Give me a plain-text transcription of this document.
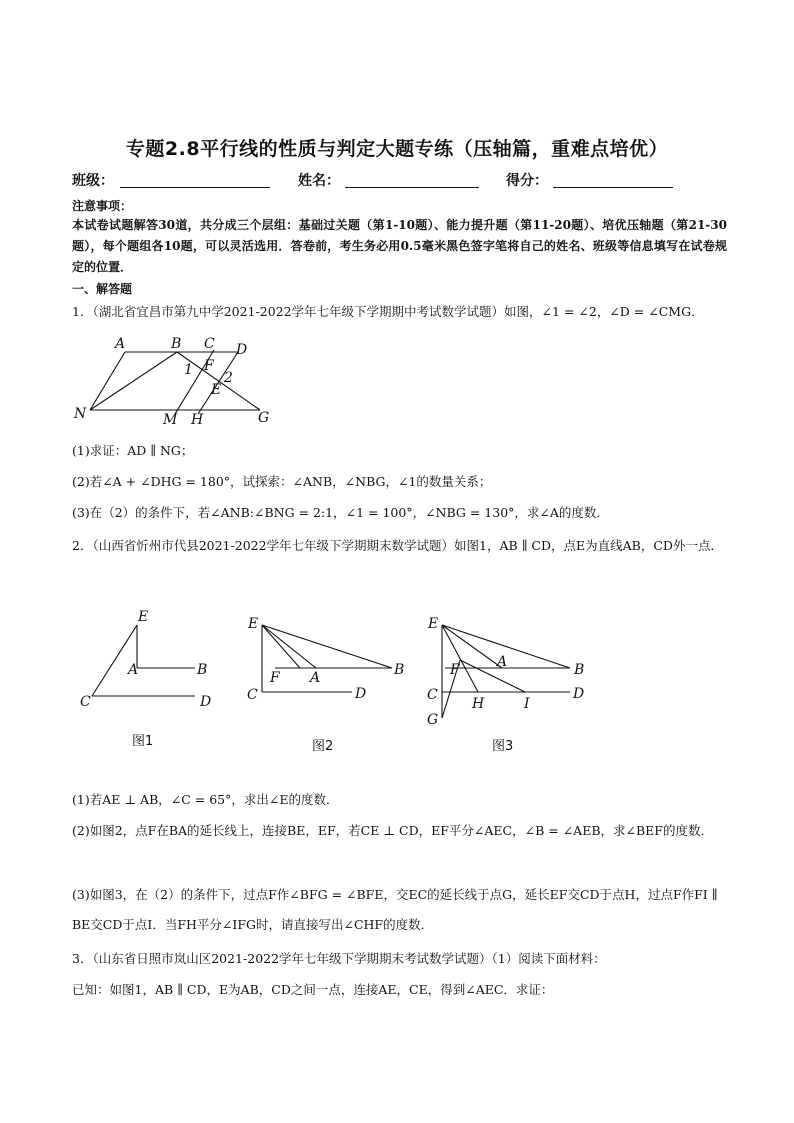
专题2.8平行线的性质与判定大题专练（压轴篇，重难点培优）
班级：	姓名：	得分：
注意事项：
本试卷试题解答30道，共分成三个层组：基础过关题（第1-10题）、能力提升题（第11-20题）、培优压轴题（第21-30题），每个题组各10题，可以灵活选用．答卷前，考生务必用0.5毫米黑色签字笔将自己的姓名、班级等信息填写在试卷规定的位置．
一、解答题
1．（湖北省宜昌市第九中学2021-2022学年七年级下学期期中考试数学试题）如图，∠1 = ∠2，∠D = ∠CMG．
A	B C D
F
E
N	M H	G
1 2
(1)求证：AD ∥ NG；
(2)若∠A + ∠DHG = 180°，试探索：∠ANB，∠NBG，∠1的数量关系；
(3)在（2）的条件下，若∠ANB:∠BNG = 2:1，∠1 = 100°，∠NBG = 130°，求∠A的度数．
2．（山西省忻州市代县2021-2022学年七年级下学期期末数学试题）如图1，AB ∥ CD，点E为直线AB，CD外一点．
E
A	B
C	D
图1
E
F A	B
C	D
图2
E
F	A	B
C	D
G
H	I
图3
(1)若AE ⊥ AB，∠C = 65°，求出∠E的度数．
(2)如图2，点F在BA的延长线上，连接BE，EF，若CE ⊥ CD，EF平分∠AEC，∠B = ∠AEB，求∠BEF的度数．
(3)如图3，在（2）的条件下，过点F作∠BFG = ∠BFE，交EC的延长线于点G，延长EF交CD于点H，过点F作FI ∥ BE交CD于点I．当FH平分∠IFG时，请直接写出∠CHF的度数．
3．（山东省日照市岚山区2021-2022学年七年级下学期期末考试数学试题）（1）阅读下面材料：
已知：如图1，AB ∥ CD，E为AB，CD之间一点，连接AE，CE，得到∠AEC．求证：
